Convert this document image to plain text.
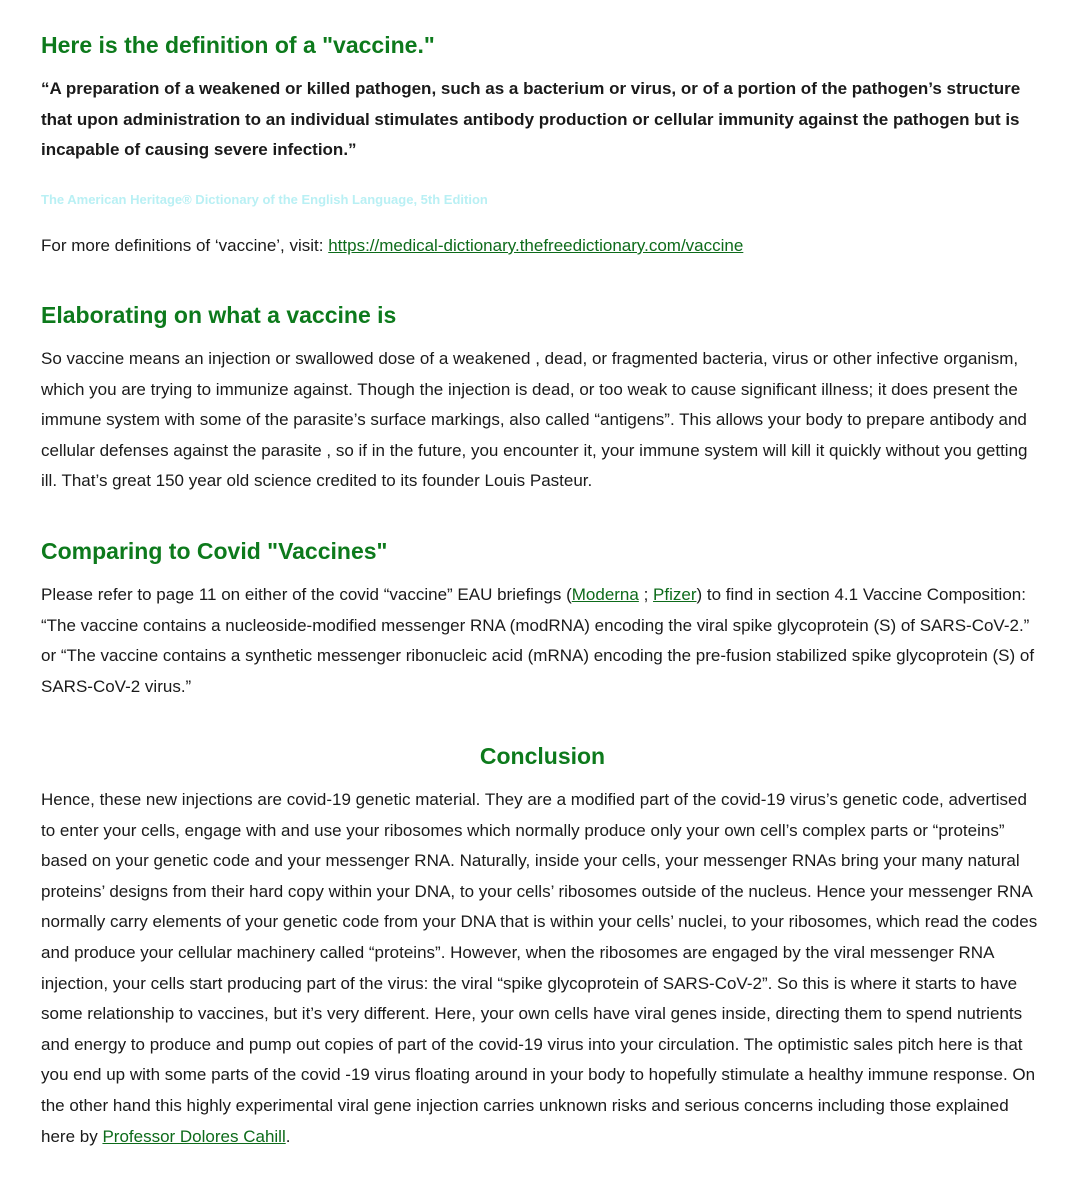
Here is the definition of a "vaccine."

“A preparation of a weakened or killed pathogen, such as a bacterium or virus, or of a portion of the pathogen’s structure that upon administration to an individual stimulates antibody production or cellular immunity against the pathogen but is incapable of causing severe infection.”

The American Heritage® Dictionary of the English Language, 5th Edition

For more definitions of ‘vaccine’, visit: https://medical-dictionary.thefreedictionary.com/vaccine

Elaborating on what a vaccine is

So vaccine means an injection or swallowed dose of a weakened , dead, or fragmented bacteria, virus or other infective organism, which you are trying to immunize against. Though the injection is dead, or too weak to cause significant illness; it does present the immune system with some of the parasite’s surface markings, also called “antigens”. This allows your body to prepare antibody and cellular defenses against the parasite , so if in the future, you encounter it, your immune system will kill it quickly without you getting ill. That’s great 150 year old science credited to its founder Louis Pasteur.

Comparing to Covid "Vaccines"

Please refer to page 11 on either of the covid “vaccine” EAU briefings (Moderna ; Pfizer) to find in section 4.1 Vaccine Composition: “The vaccine contains a nucleoside-modified messenger RNA (modRNA) encoding the viral spike glycoprotein (S) of SARS-CoV-2.” or “The vaccine contains a synthetic messenger ribonucleic acid (mRNA) encoding the pre-fusion stabilized spike glycoprotein (S) of SARS-CoV-2 virus.”

Conclusion

Hence, these new injections are covid-19 genetic material. They are a modified part of the covid-19 virus’s genetic code, advertised to enter your cells, engage with and use your ribosomes which normally produce only your own cell’s complex parts or “proteins” based on your genetic code and your messenger RNA. Naturally, inside your cells, your messenger RNAs bring your many natural proteins’ designs from their hard copy within your DNA, to your cells’ ribosomes outside of the nucleus. Hence your messenger RNA normally carry elements of your genetic code from your DNA that is within your cells’ nuclei, to your ribosomes, which read the codes and produce your cellular machinery called “proteins”. However, when the ribosomes are engaged by the viral messenger RNA injection, your cells start producing part of the virus: the viral “spike glycoprotein of SARS-CoV-2”. So this is where it starts to have some relationship to vaccines, but it’s very different. Here, your own cells have viral genes inside, directing them to spend nutrients and energy to produce and pump out copies of part of the covid-19 virus into your circulation. The optimistic sales pitch here is that you end up with some parts of the covid -19 virus floating around in your body to hopefully stimulate a healthy immune response. On the other hand this highly experimental viral gene injection carries unknown risks and serious concerns including those explained here by Professor Dolores Cahill.
